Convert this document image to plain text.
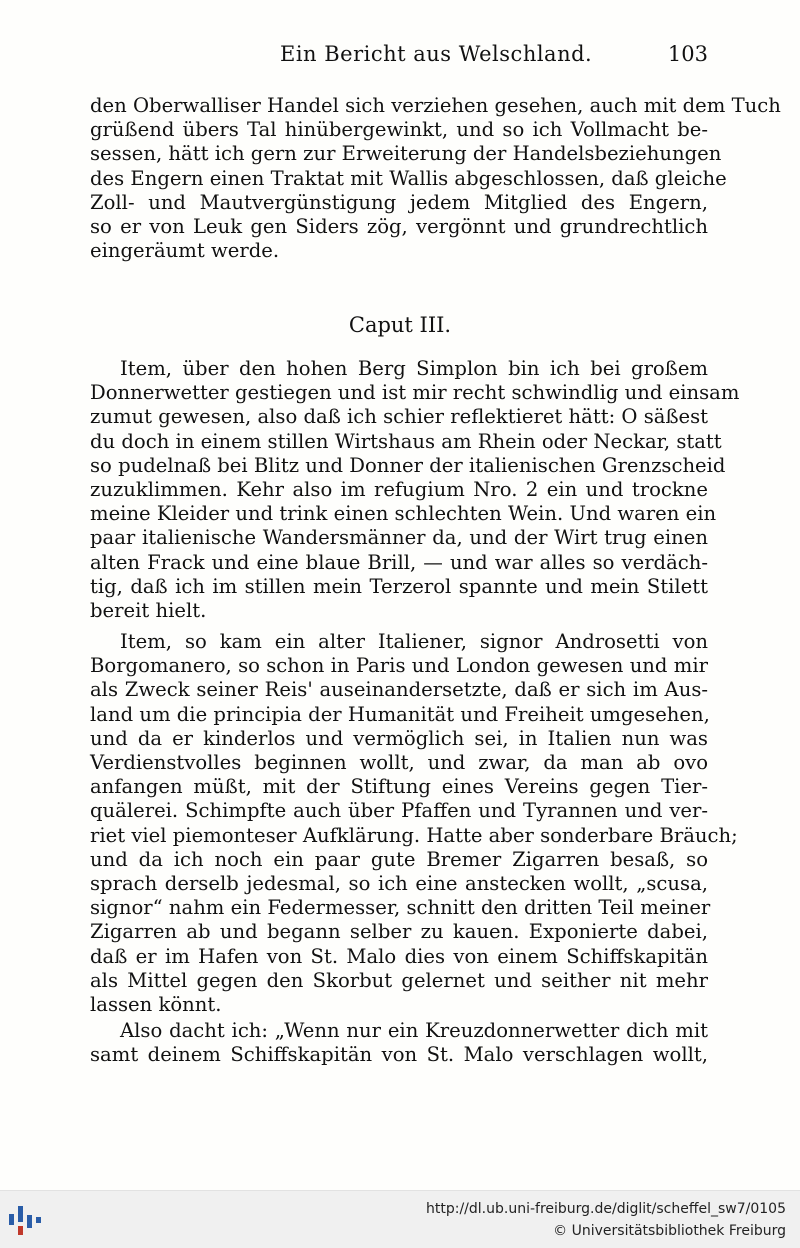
Ein Bericht aus Welschland.	103
den Oberwalliser Handel sich verziehen gesehen, auch mit dem Tuch
grüßend übers Tal hinübergewinkt, und so ich Vollmacht be-
sessen, hätt ich gern zur Erweiterung der Handelsbeziehungen
des Engern einen Traktat mit Wallis abgeschlossen, daß gleiche
Zoll- und Mautvergünstigung jedem Mitglied des Engern,
so er von Leuk gen Siders zög, vergönnt und grundrechtlich
eingeräumt werde.
Caput III.
Item, über den hohen Berg Simplon bin ich bei großem
Donnerwetter gestiegen und ist mir recht schwindlig und einsam
zumut gewesen, also daß ich schier reflektieret hätt: O säßest
du doch in einem stillen Wirtshaus am Rhein oder Neckar, statt
so pudelnaß bei Blitz und Donner der italienischen Grenzscheid
zuzuklimmen. Kehr also im refugium Nro. 2 ein und trockne
meine Kleider und trink einen schlechten Wein. Und waren ein
paar italienische Wandersmänner da, und der Wirt trug einen
alten Frack und eine blaue Brill, — und war alles so verdäch-
tig, daß ich im stillen mein Terzerol spannte und mein Stilett
bereit hielt.
Item, so kam ein alter Italiener, signor Androsetti von
Borgomanero, so schon in Paris und London gewesen und mir
als Zweck seiner Reis' auseinandersetzte, daß er sich im Aus-
land um die principia der Humanität und Freiheit umgesehen,
und da er kinderlos und vermöglich sei, in Italien nun was
Verdienstvolles beginnen wollt, und zwar, da man ab ovo
anfangen müßt, mit der Stiftung eines Vereins gegen Tier-
quälerei. Schimpfte auch über Pfaffen und Tyrannen und ver-
riet viel piemonteser Aufklärung. Hatte aber sonderbare Bräuch;
und da ich noch ein paar gute Bremer Zigarren besaß, so
sprach derselb jedesmal, so ich eine anstecken wollt, „scusa,
signor“ nahm ein Federmesser, schnitt den dritten Teil meiner
Zigarren ab und begann selber zu kauen. Exponierte dabei,
daß er im Hafen von St. Malo dies von einem Schiffskapitän
als Mittel gegen den Skorbut gelernet und seither nit mehr
lassen könnt.
Also dacht ich: „Wenn nur ein Kreuzdonnerwetter dich mit
samt deinem Schiffskapitän von St. Malo verschlagen wollt,
http://dl.ub.uni-freiburg.de/diglit/scheffel_sw7/0105
© Universitätsbibliothek Freiburg
